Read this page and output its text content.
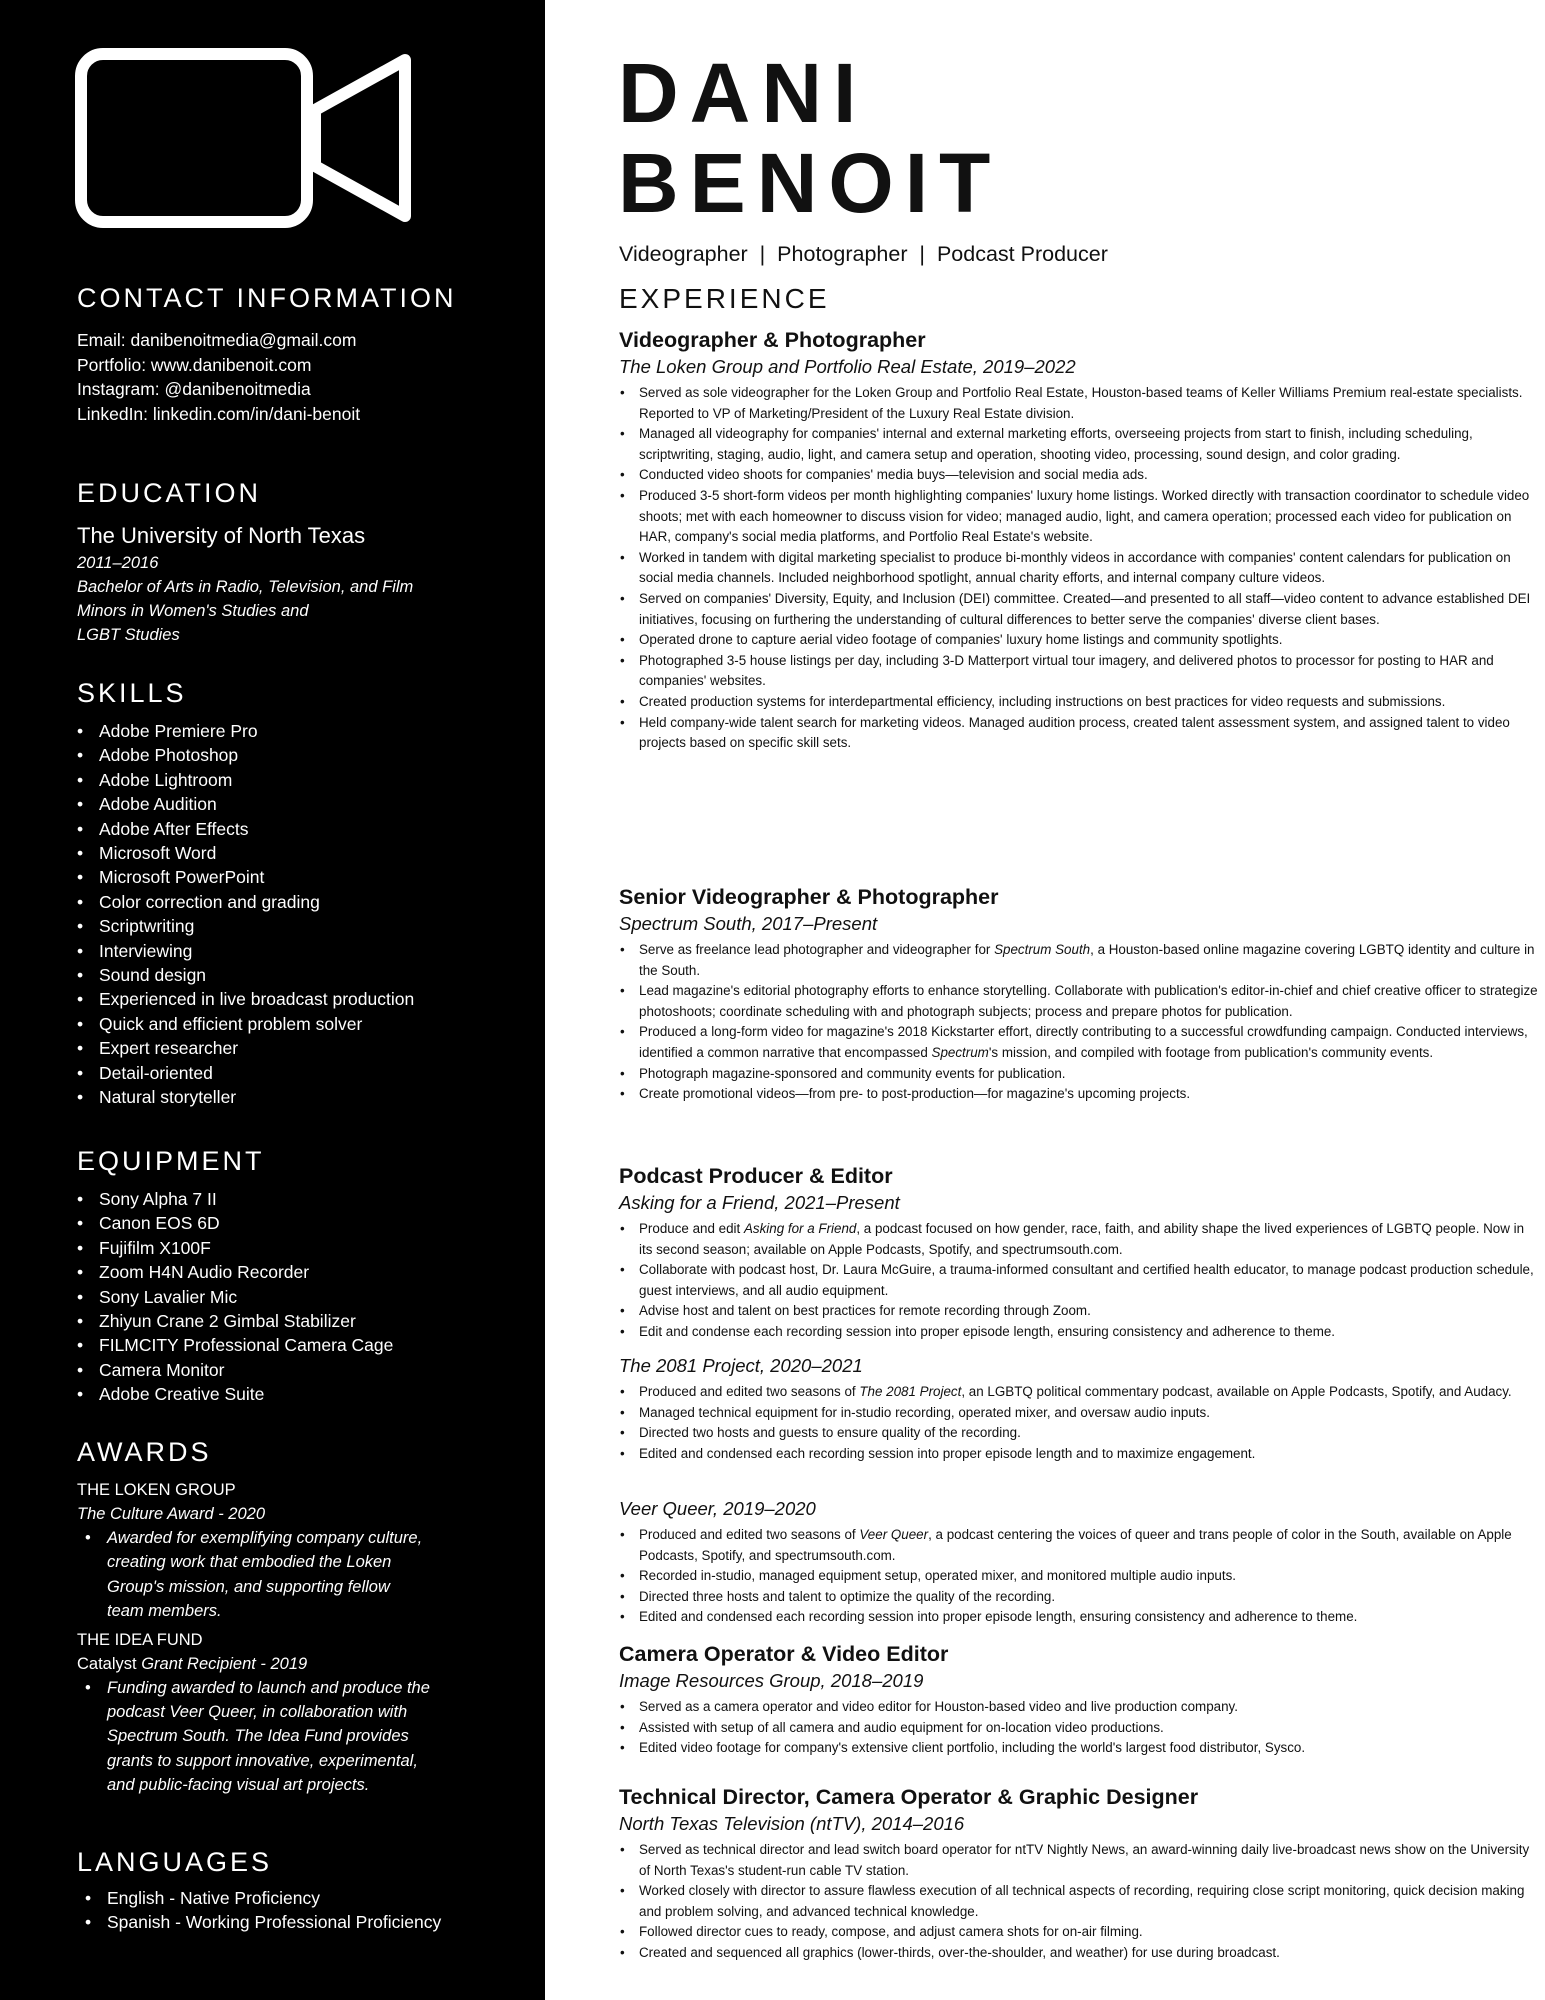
CONTACT INFORMATION
Email: danibenoitmedia@gmail.com
Portfolio: www.danibenoit.com
Instagram: @danibenoitmedia
LinkedIn: linkedin.com/in/dani-benoit
EDUCATION
The University of North Texas
2011–2016
Bachelor of Arts in Radio, Television, and Film
Minors in Women's Studies and
LGBT Studies
SKILLS
• Adobe Premiere Pro
• Adobe Photoshop
• Adobe Lightroom
• Adobe Audition
• Adobe After Effects
• Microsoft Word
• Microsoft PowerPoint
• Color correction and grading
• Scriptwriting
• Interviewing
• Sound design
• Experienced in live broadcast production
• Quick and efficient problem solver
• Expert researcher
• Detail-oriented
• Natural storyteller
EQUIPMENT
• Sony Alpha 7 II
• Canon EOS 6D
• Fujifilm X100F
• Zoom H4N Audio Recorder
• Sony Lavalier Mic
• Zhiyun Crane 2 Gimbal Stabilizer
• FILMCITY Professional Camera Cage
• Camera Monitor
• Adobe Creative Suite
AWARDS
THE LOKEN GROUP
The Culture Award - 2020
• Awarded for exemplifying company culture, creating work that embodied the Loken Group's mission, and supporting fellow team members.
THE IDEA FUND
Catalyst Grant Recipient - 2019
• Funding awarded to launch and produce the podcast Veer Queer, in collaboration with Spectrum South. The Idea Fund provides grants to support innovative, experimental, and public-facing visual art projects.
LANGUAGES
• English - Native Proficiency
• Spanish - Working Professional Proficiency
DANI
BENOIT
Videographer  |  Photographer  |  Podcast Producer
EXPERIENCE
Videographer & Photographer
The Loken Group and Portfolio Real Estate, 2019–2022
• Served as sole videographer for the Loken Group and Portfolio Real Estate, Houston-based teams of Keller Williams Premium real-estate specialists. Reported to VP of Marketing/President of the Luxury Real Estate division.
• Managed all videography for companies' internal and external marketing efforts, overseeing projects from start to finish, including scheduling, scriptwriting, staging, audio, light, and camera setup and operation, shooting video, processing, sound design, and color grading.
• Conducted video shoots for companies' media buys—television and social media ads.
• Produced 3-5 short-form videos per month highlighting companies' luxury home listings. Worked directly with transaction coordinator to schedule video shoots; met with each homeowner to discuss vision for video; managed audio, light, and camera operation; processed each video for publication on HAR, company's social media platforms, and Portfolio Real Estate's website.
• Worked in tandem with digital marketing specialist to produce bi-monthly videos in accordance with companies' content calendars for publication on social media channels. Included neighborhood spotlight, annual charity efforts, and internal company culture videos.
• Served on companies' Diversity, Equity, and Inclusion (DEI) committee. Created—and presented to all staff—video content to advance established DEI initiatives, focusing on furthering the understanding of cultural differences to better serve the companies' diverse client bases.
• Operated drone to capture aerial video footage of companies' luxury home listings and community spotlights.
• Photographed 3-5 house listings per day, including 3-D Matterport virtual tour imagery, and delivered photos to processor for posting to HAR and companies' websites.
• Created production systems for interdepartmental efficiency, including instructions on best practices for video requests and submissions.
• Held company-wide talent search for marketing videos. Managed audition process, created talent assessment system, and assigned talent to video projects based on specific skill sets.
Senior Videographer & Photographer
Spectrum South, 2017–Present
• Serve as freelance lead photographer and videographer for Spectrum South, a Houston-based online magazine covering LGBTQ identity and culture in the South.
• Lead magazine's editorial photography efforts to enhance storytelling. Collaborate with publication's editor-in-chief and chief creative officer to strategize photoshoots; coordinate scheduling with and photograph subjects; process and prepare photos for publication.
• Produced a long-form video for magazine's 2018 Kickstarter effort, directly contributing to a successful crowdfunding campaign. Conducted interviews, identified a common narrative that encompassed Spectrum's mission, and compiled with footage from publication's community events.
• Photograph magazine-sponsored and community events for publication.
• Create promotional videos—from pre- to post-production—for magazine's upcoming projects.
Podcast Producer & Editor
Asking for a Friend, 2021–Present
• Produce and edit Asking for a Friend, a podcast focused on how gender, race, faith, and ability shape the lived experiences of LGBTQ people. Now in its second season; available on Apple Podcasts, Spotify, and spectrumsouth.com.
• Collaborate with podcast host, Dr. Laura McGuire, a trauma-informed consultant and certified health educator, to manage podcast production schedule, guest interviews, and all audio equipment.
• Advise host and talent on best practices for remote recording through Zoom.
• Edit and condense each recording session into proper episode length, ensuring consistency and adherence to theme.
The 2081 Project, 2020–2021
• Produced and edited two seasons of The 2081 Project, an LGBTQ political commentary podcast, available on Apple Podcasts, Spotify, and Audacy.
• Managed technical equipment for in-studio recording, operated mixer, and oversaw audio inputs.
• Directed two hosts and guests to ensure quality of the recording.
• Edited and condensed each recording session into proper episode length and to maximize engagement.
Veer Queer, 2019–2020
• Produced and edited two seasons of Veer Queer, a podcast centering the voices of queer and trans people of color in the South, available on Apple Podcasts, Spotify, and spectrumsouth.com.
• Recorded in-studio, managed equipment setup, operated mixer, and monitored multiple audio inputs.
• Directed three hosts and talent to optimize the quality of the recording.
• Edited and condensed each recording session into proper episode length, ensuring consistency and adherence to theme.
Camera Operator & Video Editor
Image Resources Group, 2018–2019
• Served as a camera operator and video editor for Houston-based video and live production company.
• Assisted with setup of all camera and audio equipment for on-location video productions.
• Edited video footage for company's extensive client portfolio, including the world's largest food distributor, Sysco.
Technical Director, Camera Operator & Graphic Designer
North Texas Television (ntTV), 2014–2016
• Served as technical director and lead switch board operator for ntTV Nightly News, an award-winning daily live-broadcast news show on the University of North Texas's student-run cable TV station.
• Worked closely with director to assure flawless execution of all technical aspects of recording, requiring close script monitoring, quick decision making and problem solving, and advanced technical knowledge.
• Followed director cues to ready, compose, and adjust camera shots for on-air filming.
• Created and sequenced all graphics (lower-thirds, over-the-shoulder, and weather) for use during broadcast.
